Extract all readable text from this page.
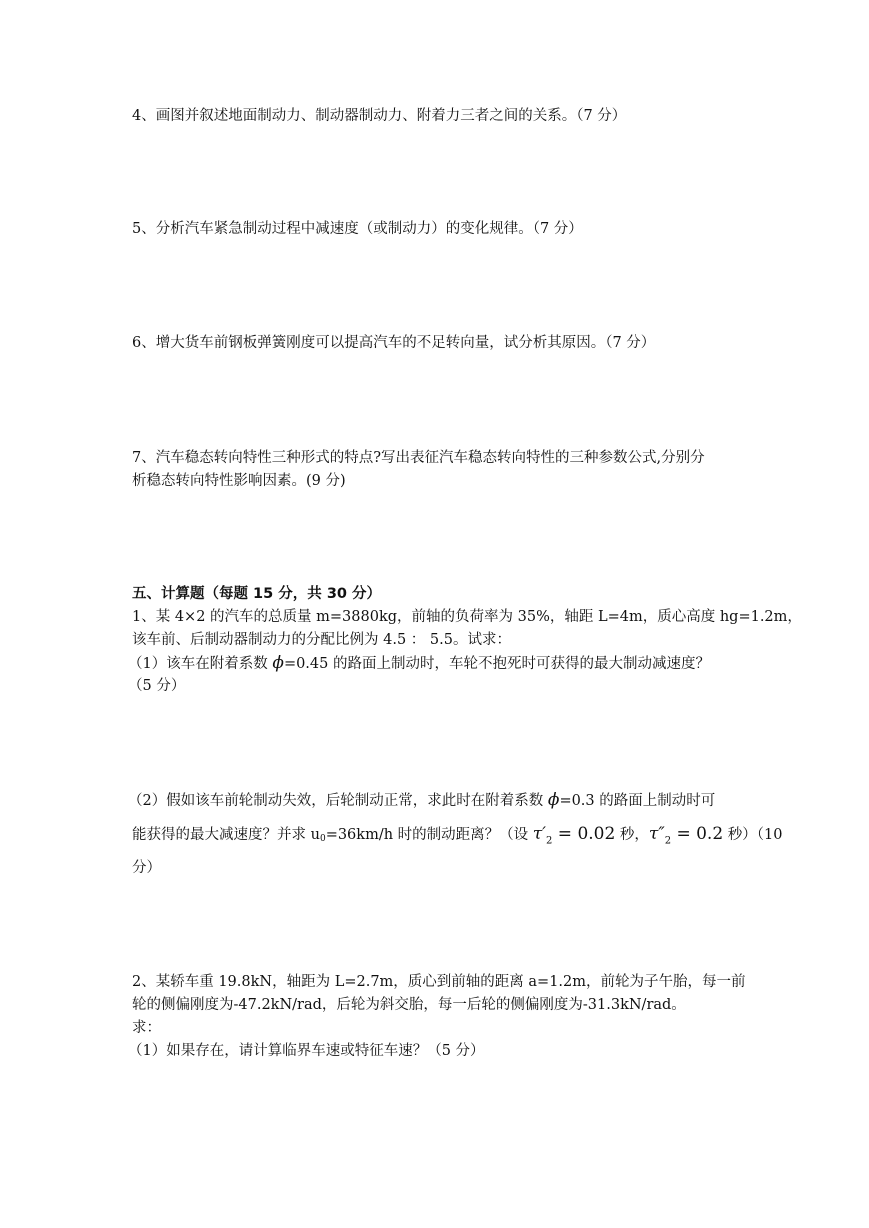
4、画图并叙述地面制动力、制动器制动力、附着力三者之间的关系。（7 分）
5、分析汽车紧急制动过程中减速度（或制动力）的变化规律。（7 分）
6、增大货车前钢板弹簧刚度可以提高汽车的不足转向量，试分析其原因。（7 分）
7、汽车稳态转向特性三种形式的特点?写出表征汽车稳态转向特性的三种参数公式,分别分
析稳态转向特性影响因素。(9 分)
五、计算题（每题 15 分，共 30 分）
1、某 4×2 的汽车的总质量 m=3880kg，前轴的负荷率为 35%，轴距 L=4m，质心高度 hg=1.2m，
该车前、后制动器制动力的分配比例为 4.5 ： 5.5。试求：
（1）该车在附着系数 ϕ=0.45 的路面上制动时，车轮不抱死时可获得的最大制动减速度？
（5 分）
（2）假如该车前轮制动失效，后轮制动正常，求此时在附着系数 ϕ=0.3 的路面上制动时可
能获得的最大减速度？并求 u0=36km/h 时的制动距离？（设 $\tau'_2 = 0.02$ 秒，$\tau''_2 = 0.2$ 秒）（10
分）
2、某轿车重 19.8kN，轴距为 L=2.7m，质心到前轴的距离 a=1.2m，前轮为子午胎，每一前
轮的侧偏刚度为-47.2kN/rad，后轮为斜交胎，每一后轮的侧偏刚度为-31.3kN/rad。
求：
（1）如果存在，请计算临界车速或特征车速？（5 分）
